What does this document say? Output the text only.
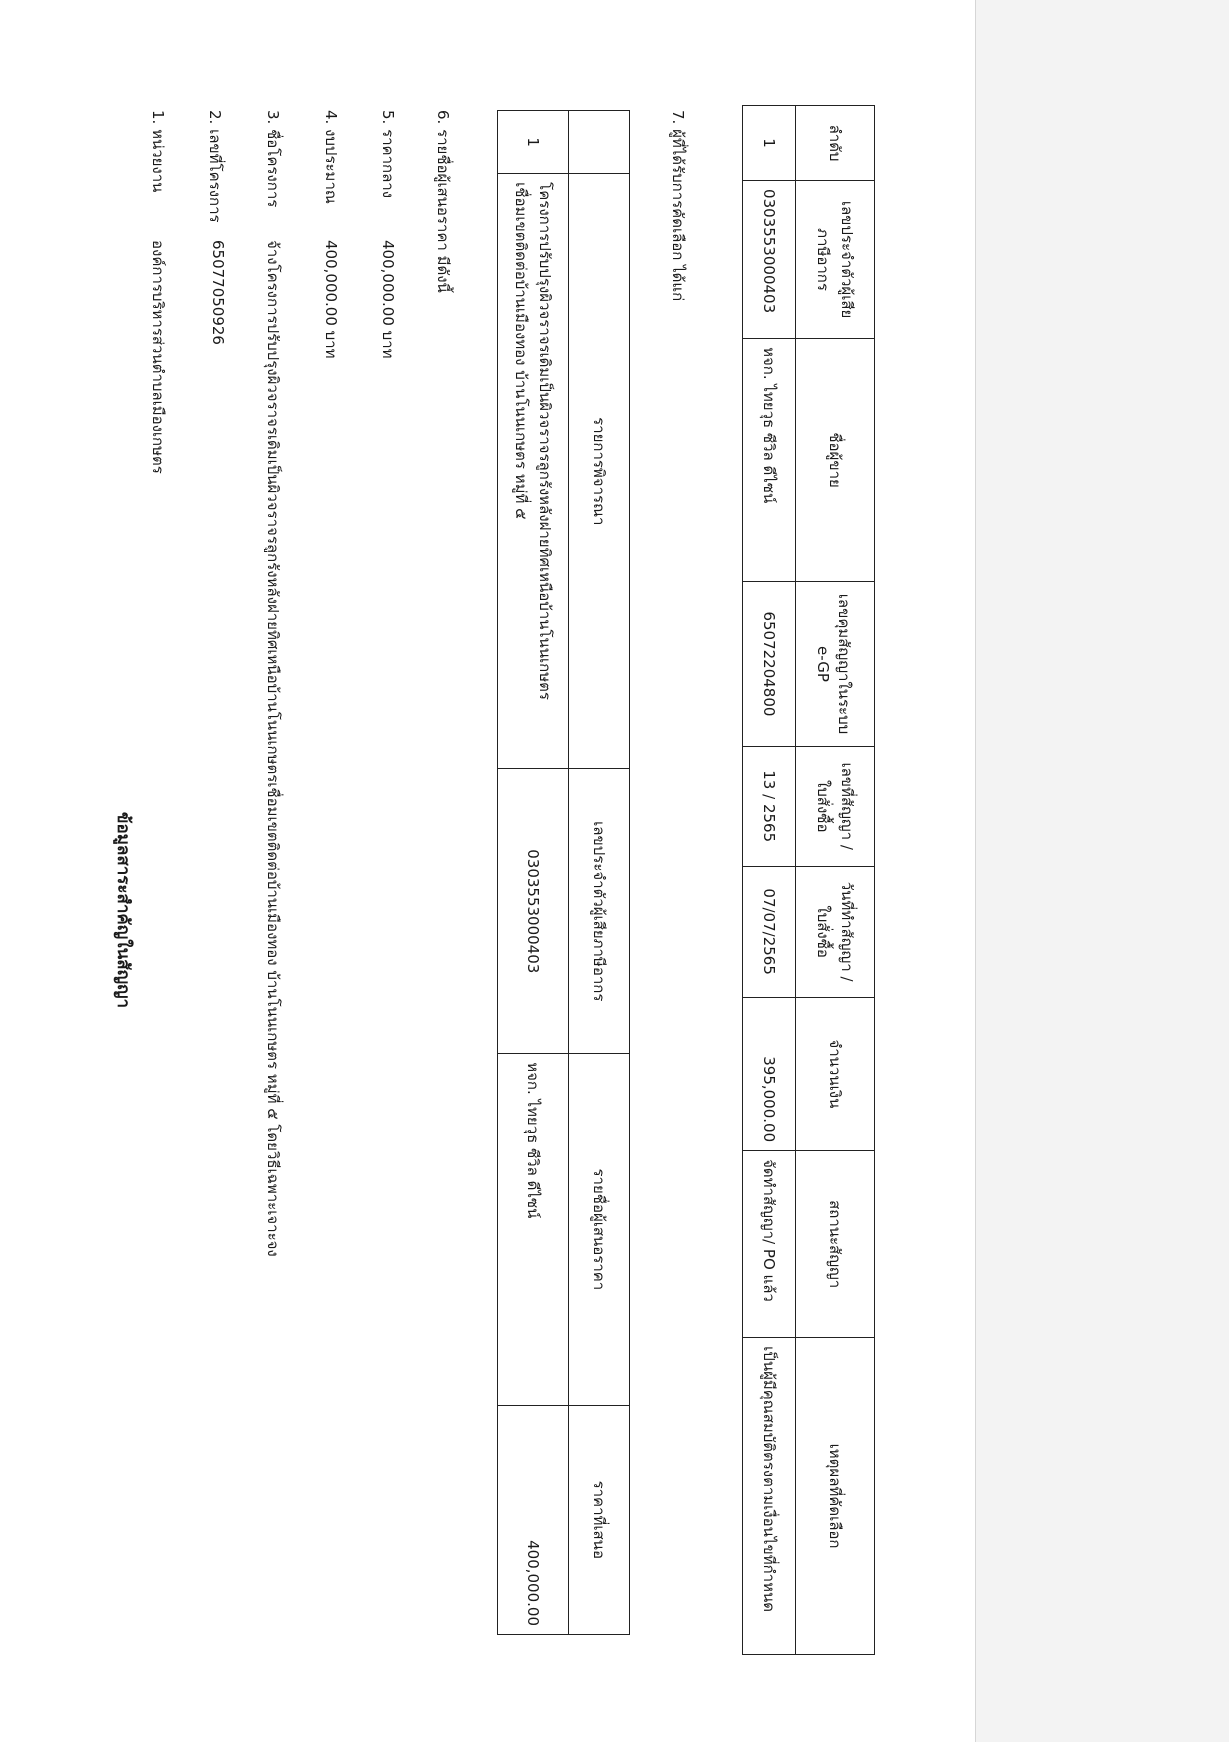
ข้อมูลสาระสำคัญในสัญญา
1. หน่วยงาน
องค์การบริหารส่วนตำบลเมืองเกษตร
2. เลขที่โครงการ
65077050926
3. ชื่อโครงการ
จ้างโครงการปรับปรุงผิวจราจรเดิมเป็นผิวจราจรลูกรังหลังฝายทิศเหนือบ้านโนนเกษตรเชื่อมเขตติดต่อบ้านเมืองทอง บ้านโนนเกษตร หมู่ที่ ๕ โดยวิธีเฉพาะเจาะจง
4. งบประมาณ
400,000.00 บาท
5. ราคากลาง
400,000.00 บาท
6. รายชื่อผู้เสนอราคา มีดังนี้
	รายการพิจารณา	เลขประจำตัวผู้เสียภาษีอากร	รายชื่อผู้เสนอราคา	ราคาที่เสนอ
1	โครงการปรับปรุงผิวจราจรเดิมเป็นผิวจราจรลูกรังหลังฝายทิศเหนือบ้านโนนเกษตร
เชื่อมเขตติดต่อบ้านเมืองทอง บ้านโนนเกษตร หมู่ที่ ๕	0303553000403	หจก. ไทยวุธ ซีวิล ดีไซน์	400,000.00
7. ผู้ที่ได้รับการคัดเลือก ได้แก่	ลำดับ	เลขประจำตัวผู้เสียภาษีอากร	ชื่อผู้ขาย	เลขคุมสัญญาในระบบ e-GP	เลขที่สัญญา / ใบสั่งซื้อ	วันที่ทำสัญญา / ใบสั่งซื้อ	จำนวนเงิน	สถานะสัญญา	เหตุผลที่คัดเลือก
1	0303553000403	หจก. ไทยวุธ ซีวิล ดีไซน์	65072204800	13 / 2565	07/07/2565	395,000.00	จัดทำสัญญา/ PO แล้ว	เป็นผู้มีคุณสมบัติตรงตามเงื่อนไขที่กำหนด
